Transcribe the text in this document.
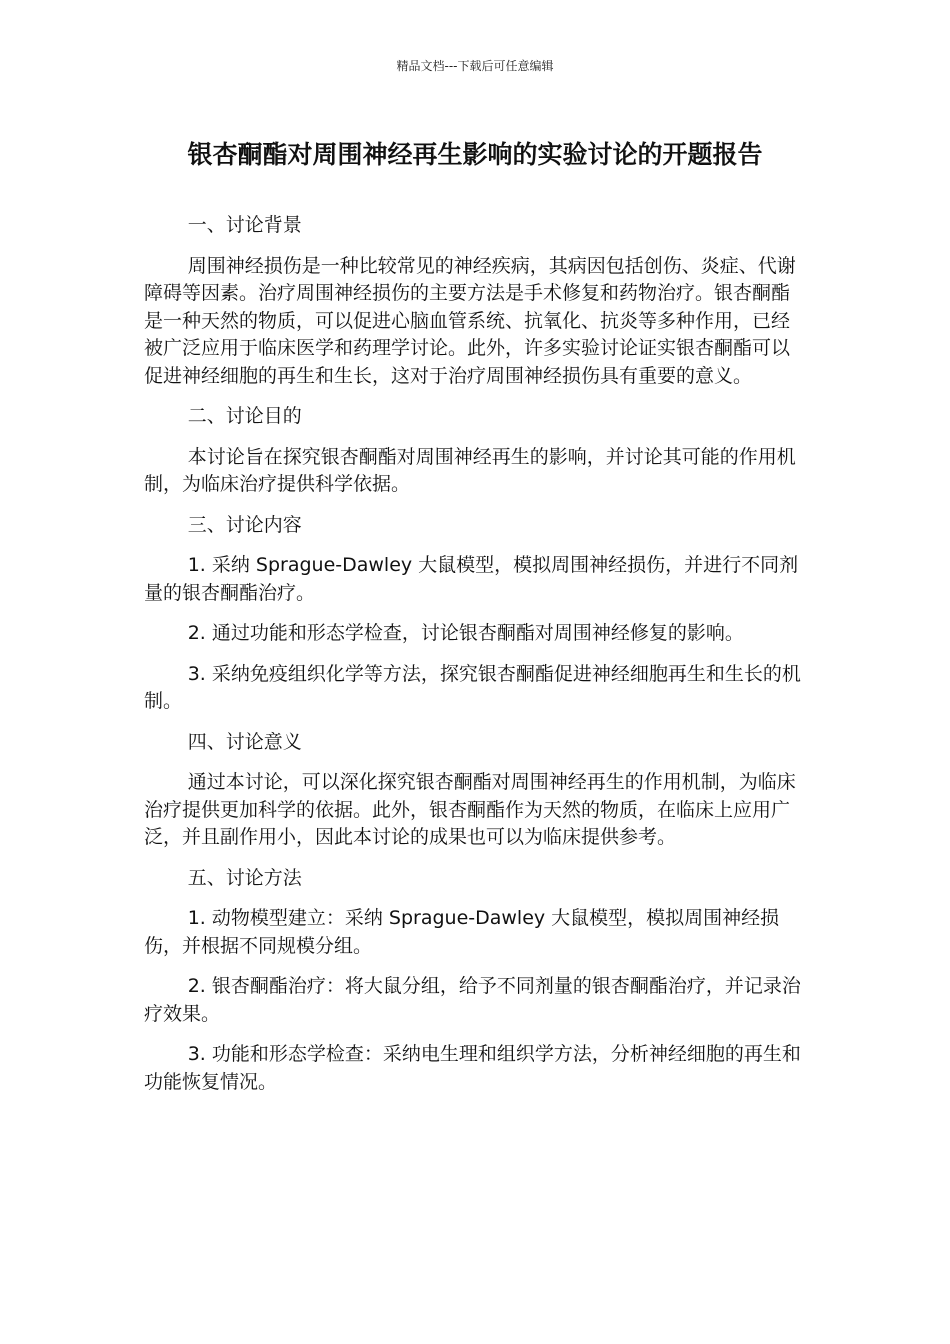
精品文档---下载后可任意编辑
银杏酮酯对周围神经再生影响的实验讨论的开题报告

一、讨论背景

周围神经损伤是一种比较常见的神经疾病，其病因包括创伤、炎症、代谢障碍等因素。治疗周围神经损伤的主要方法是手术修复和药物治疗。银杏酮酯是一种天然的物质，可以促进心脑血管系统、抗氧化、抗炎等多种作用，已经被广泛应用于临床医学和药理学讨论。此外，许多实验讨论证实银杏酮酯可以促进神经细胞的再生和生长，这对于治疗周围神经损伤具有重要的意义。

二、讨论目的

本讨论旨在探究银杏酮酯对周围神经再生的影响，并讨论其可能的作用机制，为临床治疗提供科学依据。

三、讨论内容

1. 采纳 Sprague-Dawley 大鼠模型，模拟周围神经损伤，并进行不同剂量的银杏酮酯治疗。

2. 通过功能和形态学检查，讨论银杏酮酯对周围神经修复的影响。

3. 采纳免疫组织化学等方法，探究银杏酮酯促进神经细胞再生和生长的机制。

四、讨论意义

通过本讨论，可以深化探究银杏酮酯对周围神经再生的作用机制，为临床治疗提供更加科学的依据。此外，银杏酮酯作为天然的物质，在临床上应用广泛，并且副作用小，因此本讨论的成果也可以为临床提供参考。

五、讨论方法

1. 动物模型建立：采纳 Sprague-Dawley 大鼠模型，模拟周围神经损伤，并根据不同规模分组。

2. 银杏酮酯治疗：将大鼠分组，给予不同剂量的银杏酮酯治疗，并记录治疗效果。

3. 功能和形态学检查：采纳电生理和组织学方法，分析神经细胞的再生和功能恢复情况。
